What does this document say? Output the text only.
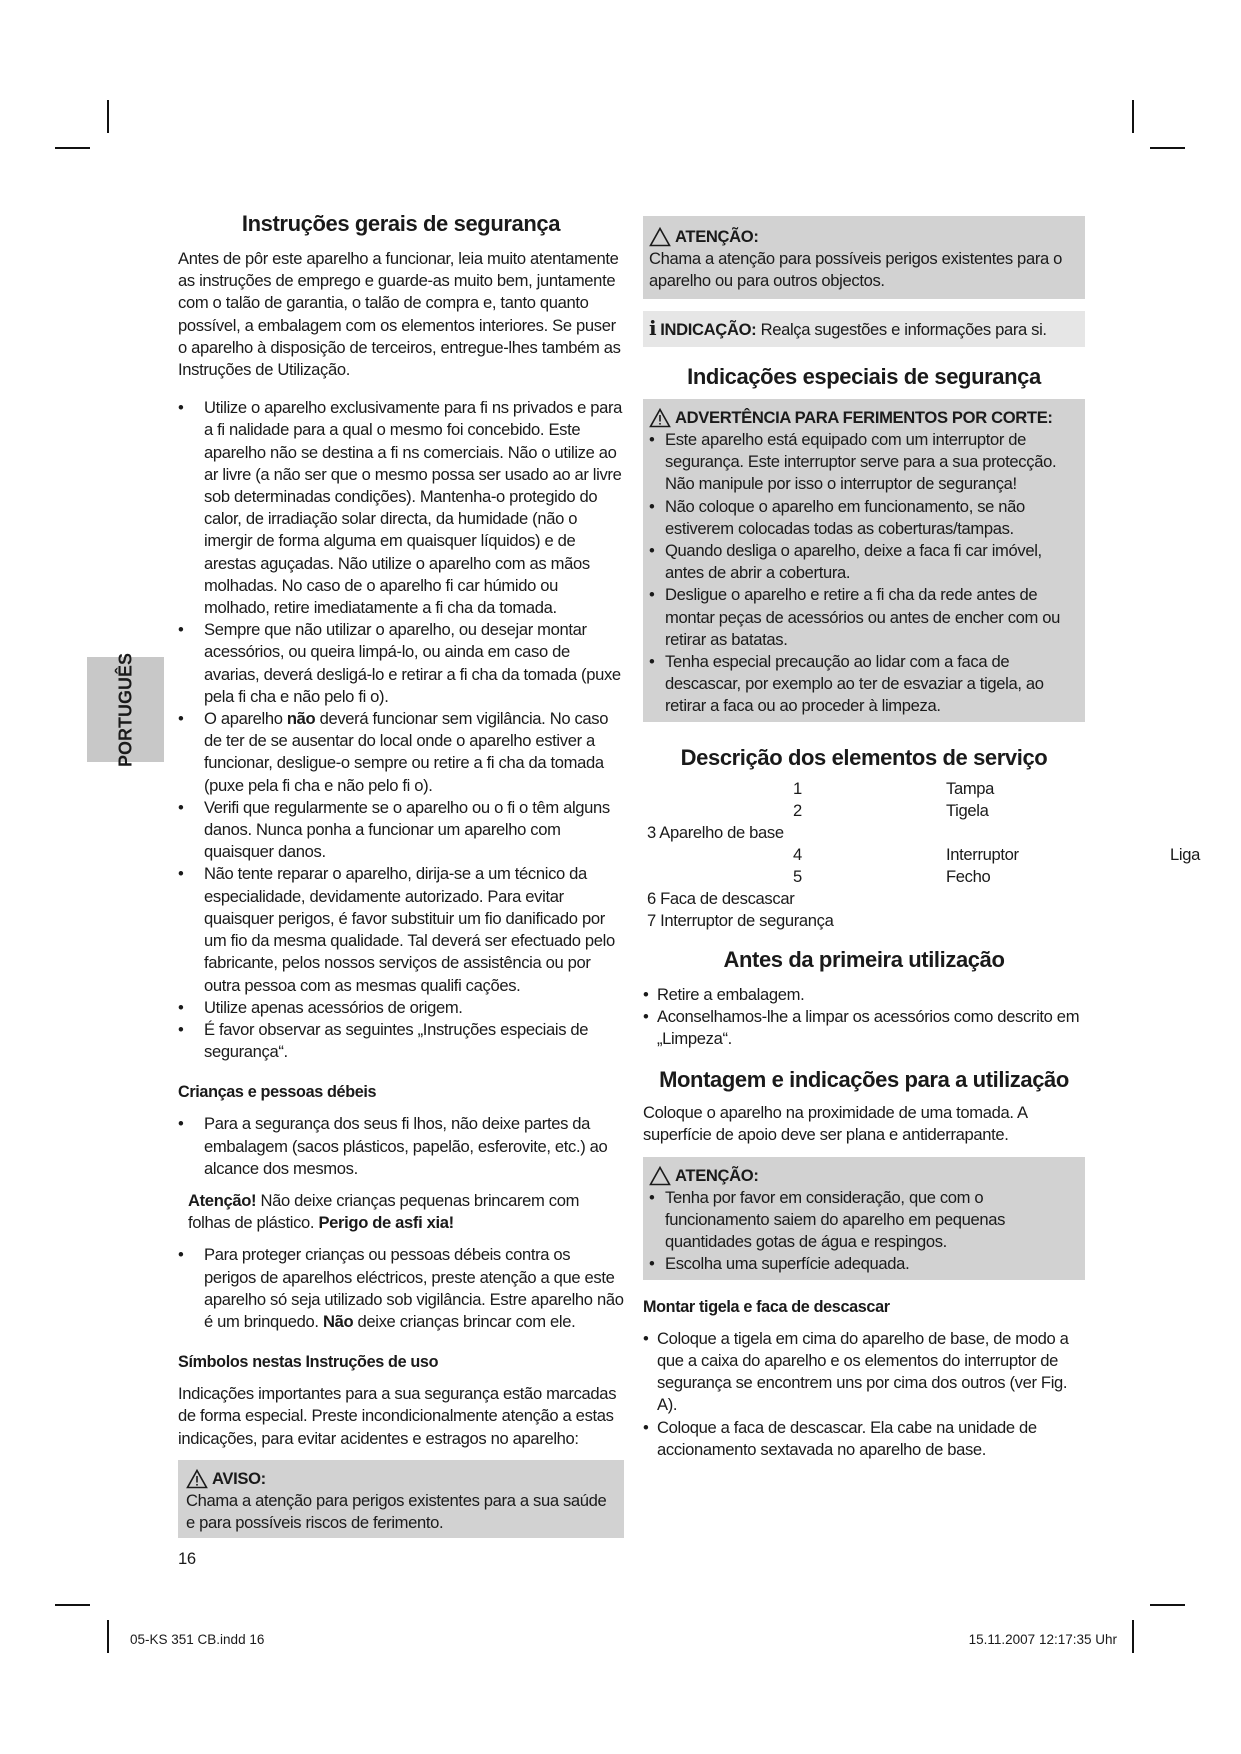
PORTUGUÊS
Instruções gerais de segurança

Antes de pôr este aparelho a funcionar, leia muito atentamente as instruções de emprego e guarde-as muito bem, juntamente com o talão de garantia, o talão de compra e, tanto quanto possível, a embalagem com os elementos interiores. Se puser o aparelho à disposição de terceiros, entregue-lhes também as Instruções de Utilização.

• Utilize o aparelho exclusivamente para fi ns privados e para a fi nalidade para a qual o mesmo foi concebido. Este aparelho não se destina a fi ns comerciais. Não o utilize ao ar livre (a não ser que o mesmo possa ser usado ao ar livre sob determinadas condições). Mantenha-o protegido do calor, de irradiação solar directa, da humidade (não o imergir de forma alguma em quaisquer líquidos) e de arestas aguçadas. Não utilize o aparelho com as mãos molhadas. No caso de o aparelho fi car húmido ou molhado, retire imediatamente a fi cha da tomada.
• Sempre que não utilizar o aparelho, ou desejar montar acessórios, ou queira limpá-lo, ou ainda em caso de avarias, deverá desligá-lo e retirar a fi cha da tomada (puxe pela fi cha e não pelo fi o).
• O aparelho não deverá funcionar sem vigilância. No caso de ter de se ausentar do local onde o aparelho estiver a funcionar, desligue-o sempre ou retire a fi cha da tomada (puxe pela fi cha e não pelo fi o).
• Verifi que regularmente se o aparelho ou o fi o têm alguns danos. Nunca ponha a funcionar um aparelho com quaisquer danos.
• Não tente reparar o aparelho, dirija-se a um técnico da especialidade, devidamente autorizado. Para evitar quaisquer perigos, é favor substituir um fio danificado por um fio da mesma qualidade. Tal deverá ser efectuado pelo fabricante, pelos nossos serviços de assistência ou por outra pessoa com as mesmas qualifi cações.
• Utilize apenas acessórios de origem.
• É favor observar as seguintes „Instruções especiais de segurança“.
Crianças e pessoas débeis
• Para a segurança dos seus fi lhos, não deixe partes da embalagem (sacos plásticos, papelão, esferovite, etc.) ao alcance dos mesmos.

Atenção! Não deixe crianças pequenas brincarem com folhas de plástico. Perigo de asfi xia!

• Para proteger crianças ou pessoas débeis contra os perigos de aparelhos eléctricos, preste atenção a que este aparelho só seja utilizado sob vigilância. Estre aparelho não é um brinquedo. Não deixe crianças brincar com ele.
Símbolos nestas Instruções de uso

Indicações importantes para a sua segurança estão marcadas de forma especial. Preste incondicionalmente atenção a estas indicações, para evitar acidentes e estragos no aparelho:

AVISO:

Chama a atenção para perigos existentes para a sua saúde e para possíveis riscos de ferimento.

16

ATENÇÃO:

Chama a atenção para possíveis perigos existentes para o aparelho ou para outros objectos.

i INDICAÇÃO: Realça sugestões e informações para si.

Indicações especiais de segurança
ADVERTÊNCIA PARA FERIMENTOS POR CORTE:
• Este aparelho está equipado com um interruptor de segurança. Este interruptor serve para a sua protecção. Não manipule por isso o interruptor de segurança!
• Não coloque o aparelho em funcionamento, se não estiverem colocadas todas as coberturas/tampas.
• Quando desliga o aparelho, deixe a faca fi car imóvel, antes de abrir a cobertura.
• Desligue o aparelho e retire a fi cha da rede antes de montar peças de acessórios ou antes de encher com ou retirar as batatas.
• Tenha especial precaução ao lidar com a faca de descascar, por exemplo ao ter de esvaziar a tigela, ao retirar a faca ou ao proceder à limpeza.
Descrição dos elementos de serviço
1	Tampa
2	Tigela
3 Aparelho de base
4	Interruptor	Liga
5	Fecho
6 Faca de descascar
7 Interruptor de segurança
Antes da primeira utilização
• Retire a embalagem.
• Aconselhamos-lhe a limpar os acessórios como descrito em „Limpeza“.
Montagem e indicações para a utilização

Coloque o aparelho na proximidade de uma tomada. A superfície de apoio deve ser plana e antiderrapante.

ATENÇÃO:
• Tenha por favor em consideração, que com o funcionamento saiem do aparelho em pequenas quantidades gotas de água e respingos.
• Escolha uma superfície adequada.
Montar tigela e faca de descascar
• Coloque a tigela em cima do aparelho de base, de modo a que a caixa do aparelho e os elementos do interruptor de segurança se encontrem uns por cima dos outros (ver Fig. A).
• Coloque a faca de descascar. Ela cabe na unidade de accionamento sextavada no aparelho de base.
05-KS 351 CB.indd 16	15.11.2007 12:17:35 Uhr
